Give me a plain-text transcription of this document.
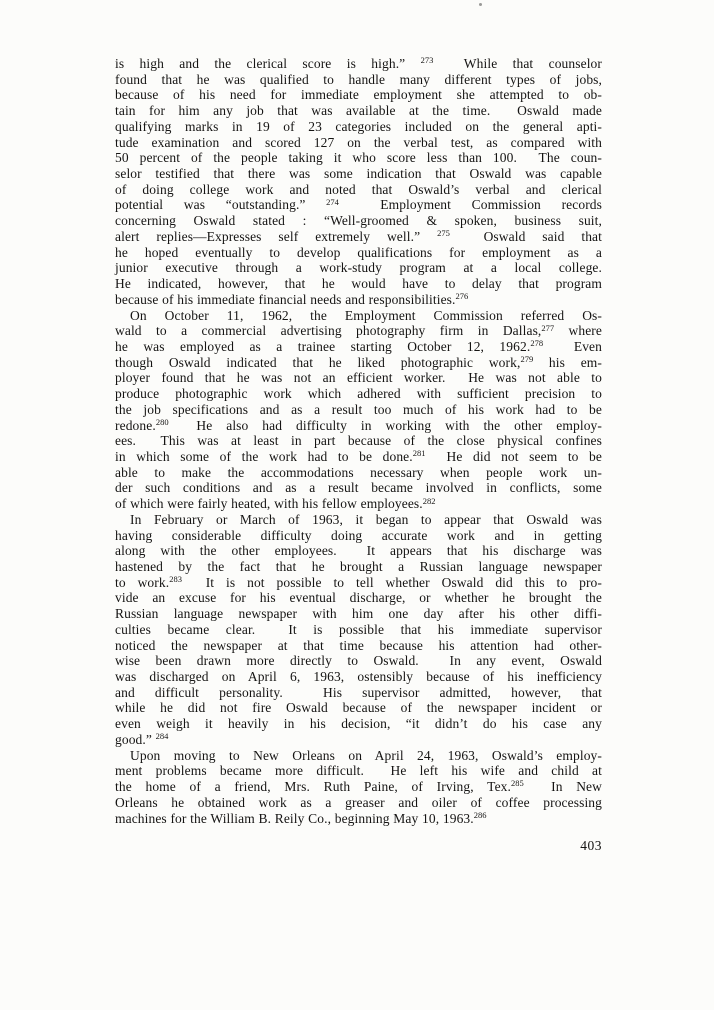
is high and the clerical score is high.” $^{273}$  While that counselor
found that he was qualified to handle many different types of jobs,
because of his need for immediate employment she attempted to ob-
tain for him any job that was available at the time.  Oswald made
qualifying marks in 19 of 23 categories included on the general apti-
tude examination and scored 127 on the verbal test, as compared with
50 percent of the people taking it who score less than 100.  The coun-
selor testified that there was some indication that Oswald was capable
of doing college work and noted that Oswald’s verbal and clerical
potential was “outstanding.” $^{274}$  Employment Commission records
concerning Oswald stated : “Well-groomed & spoken, business suit,
alert replies—Expresses self extremely well.” $^{275}$  Oswald said that
he hoped eventually to develop qualifications for employment as a
junior executive through a work-study program at a local college.
He indicated, however, that he would have to delay that program
because of his immediate financial needs and responsibilities.$^{276}$
On October 11, 1962, the Employment Commission referred Os-
wald to a commercial advertising photography firm in Dallas,$^{277}$ where
he was employed as a trainee starting October 12, 1962.$^{278}$  Even
though Oswald indicated that he liked photographic work,$^{279}$ his em-
ployer found that he was not an efficient worker.  He was not able to
produce photographic work which adhered with sufficient precision to
the job specifications and as a result too much of his work had to be
redone.$^{280}$  He also had difficulty in working with the other employ-
ees.  This was at least in part because of the close physical confines
in which some of the work had to be done.$^{281}$  He did not seem to be
able to make the accommodations necessary when people work un-
der such conditions and as a result became involved in conflicts, some
of which were fairly heated, with his fellow employees.$^{282}$
In February or March of 1963, it began to appear that Oswald was
having considerable difficulty doing accurate work and in getting
along with the other employees.  It appears that his discharge was
hastened by the fact that he brought a Russian language newspaper
to work.$^{283}$  It is not possible to tell whether Oswald did this to pro-
vide an excuse for his eventual discharge, or whether he brought the
Russian language newspaper with him one day after his other diffi-
culties became clear.  It is possible that his immediate supervisor
noticed the newspaper at that time because his attention had other-
wise been drawn more directly to Oswald.  In any event, Oswald
was discharged on April 6, 1963, ostensibly because of his inefficiency
and difficult personality.  His supervisor admitted, however, that
while he did not fire Oswald because of the newspaper incident or
even weigh it heavily in his decision, “it didn’t do his case any
good.” $^{284}$
Upon moving to New Orleans on April 24, 1963, Oswald’s employ-
ment problems became more difficult.  He left his wife and child at
the home of a friend, Mrs. Ruth Paine, of Irving, Tex.$^{285}$  In New
Orleans he obtained work as a greaser and oiler of coffee processing
machines for the William B. Reily Co., beginning May 10, 1963.$^{286}$
403
